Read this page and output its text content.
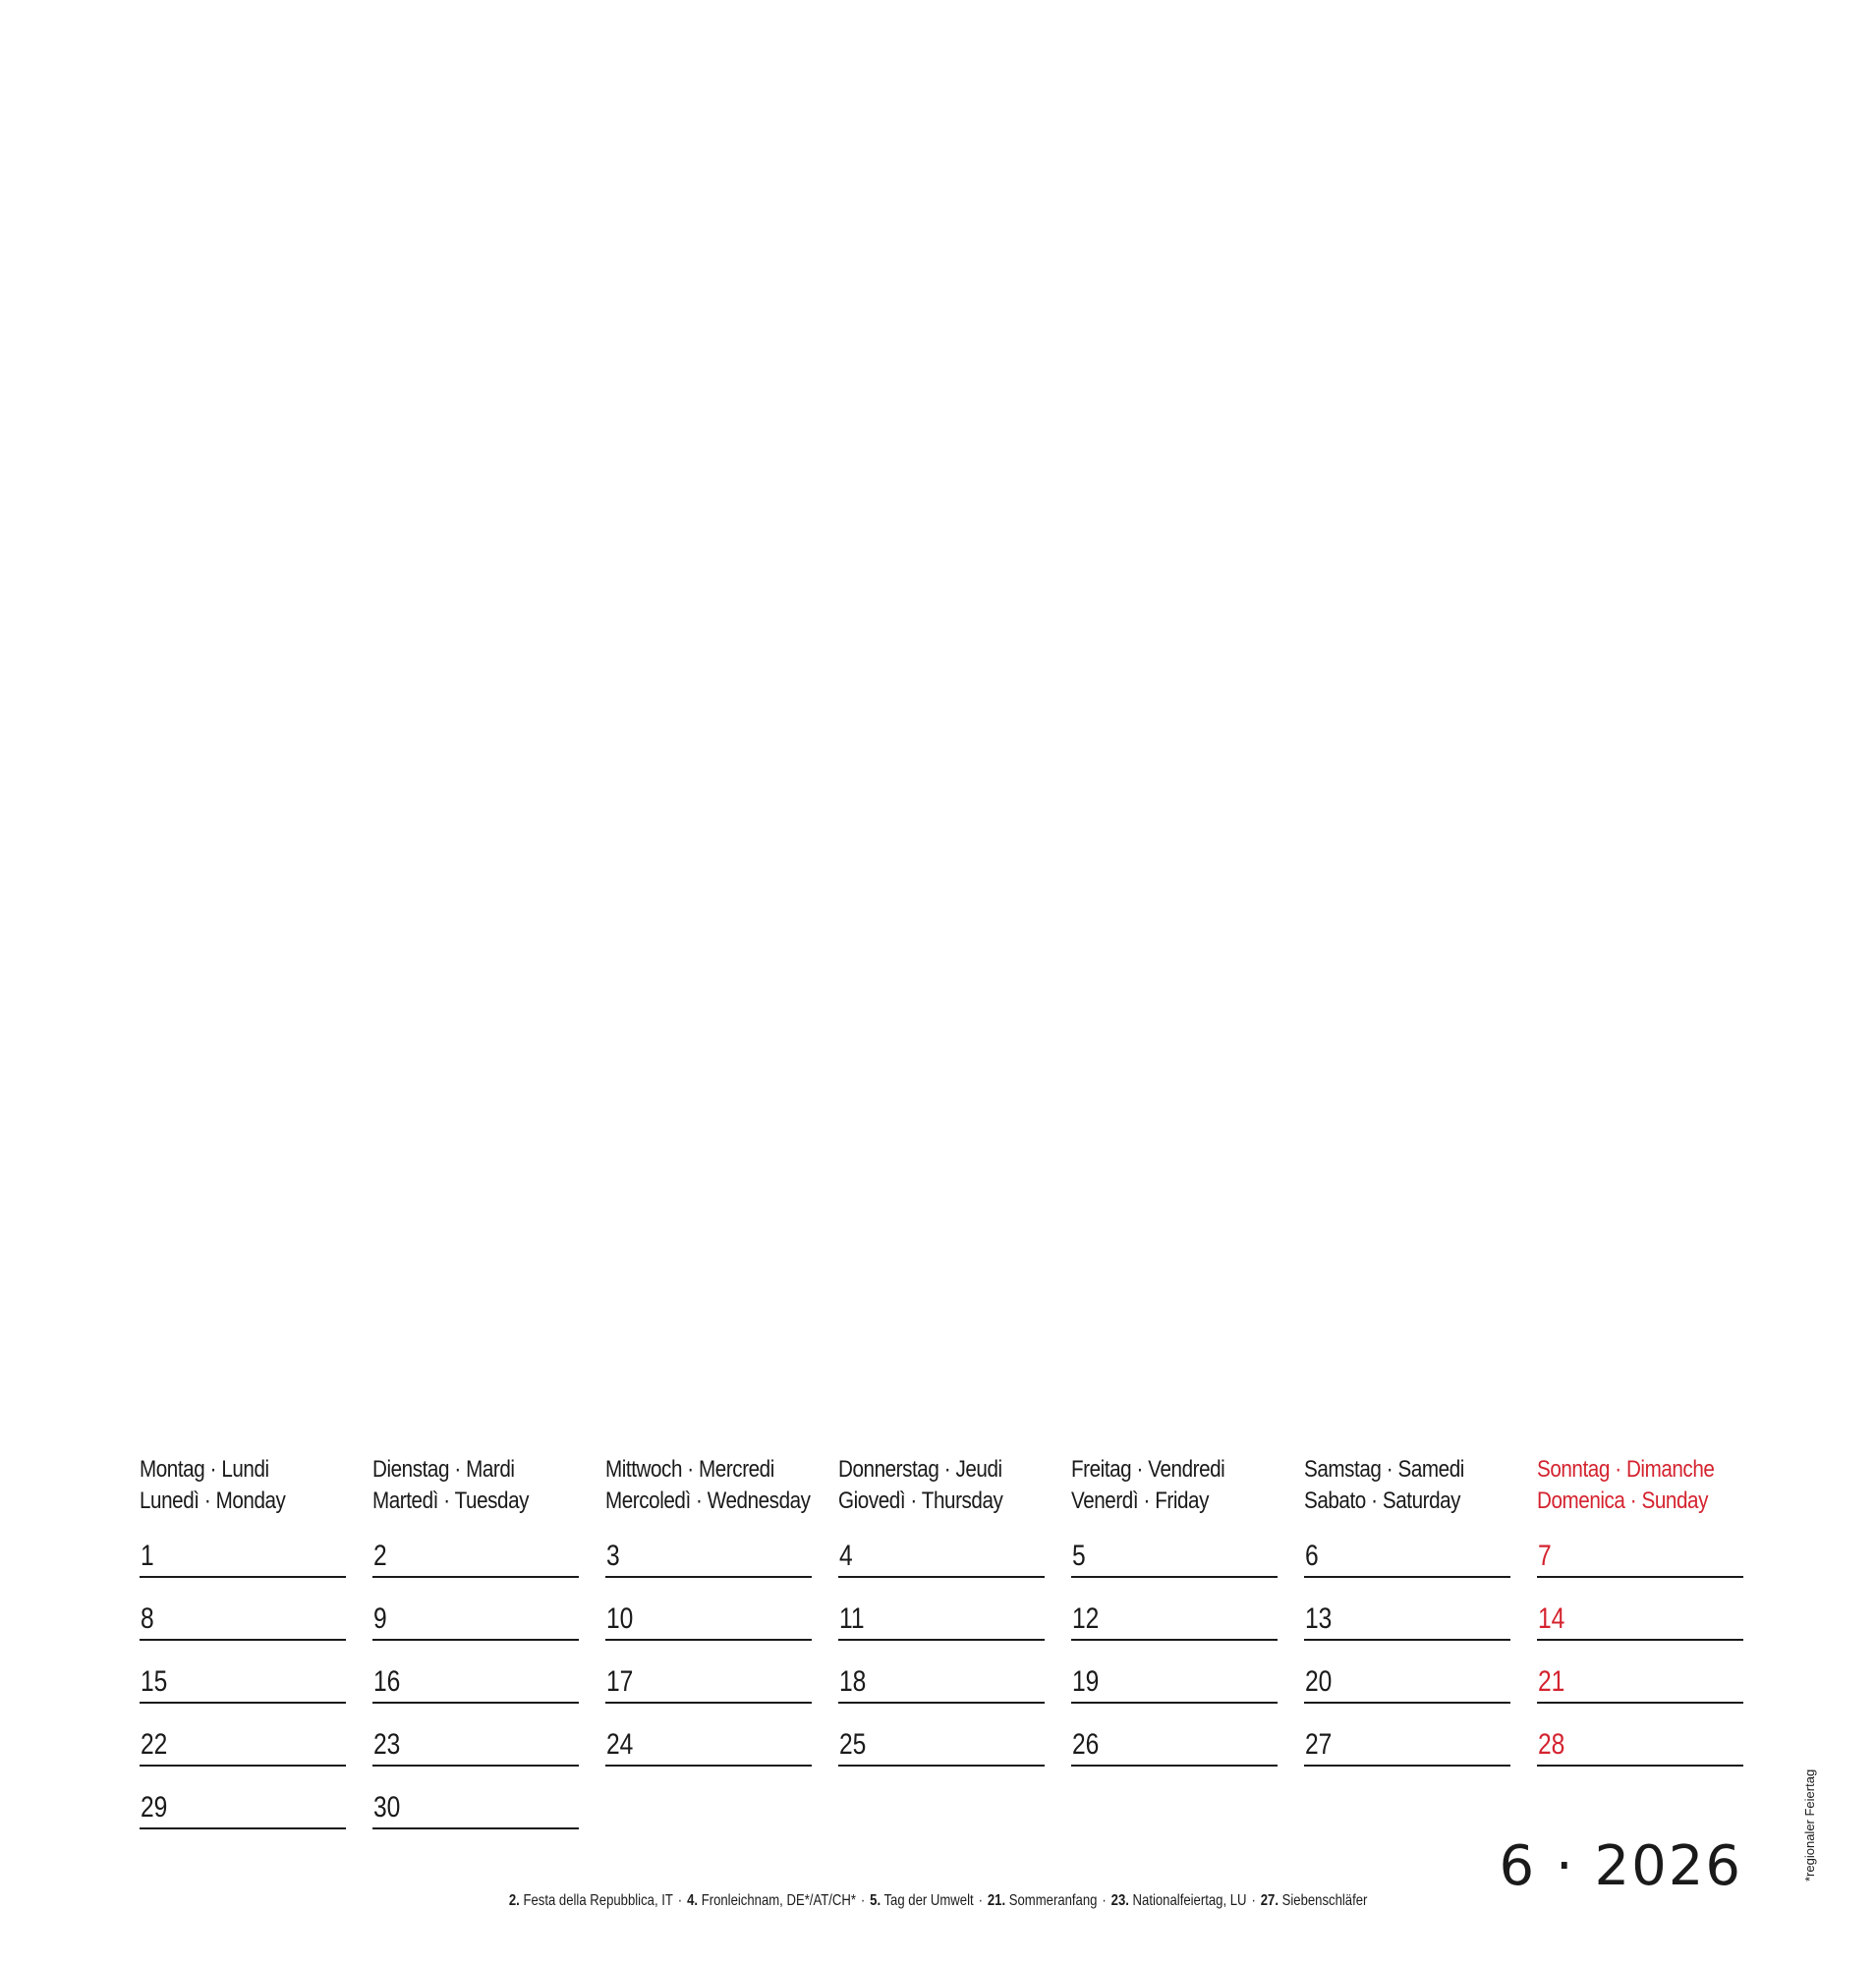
Montag · Lundi
Lunedì · Monday
1
8
15
22
29
Dienstag · Mardi
Martedì · Tuesday
2
9
16
23
30
Mittwoch · Mercredi
Mercoledì · Wednesday
3
10
17
24
Donnerstag · Jeudi
Giovedì · Thursday
4
11
18
25
Freitag · Vendredi
Venerdì · Friday
5
12
19
26
Samstag · Samedi
Sabato · Saturday
6
13
20
27
Sonntag · Dimanche
Domenica · Sunday
7
14
21
28
6 · 2026
2. Festa della Repubblica, IT · 4. Fronleichnam, DE*/AT/CH* · 5. Tag der Umwelt · 21. Sommeranfang · 23. Nationalfeiertag, LU · 27. Siebenschläfer
*regionaler Feiertag
